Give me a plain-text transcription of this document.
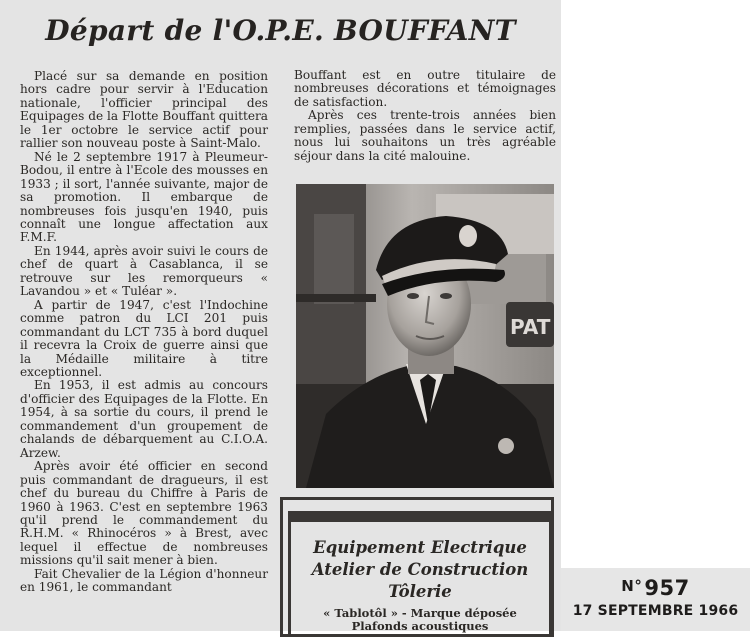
Départ de l'O.P.E. BOUFFANT

Placé sur sa demande en position hors cadre pour servir à l'Education nationale, l'officier principal des Equipages de la Flotte Bouffant quittera le 1er octobre le service actif pour rallier son nouveau poste à Saint-Malo.

Né le 2 septembre 1917 à Pleumeur-Bodou, il entre à l'Ecole des mousses en 1933 ; il sort, l'année suivante, major de sa promotion. Il embarque de nombreuses fois jusqu'en 1940, puis connaît une longue affectation aux F.M.F.

En 1944, après avoir suivi le cours de chef de quart à Casablanca, il se retrouve sur les remorqueurs « Lavandou » et « Tuléar ».

A partir de 1947, c'est l'Indochine comme patron du LCI 201 puis commandant du LCT 735 à bord duquel il recevra la Croix de guerre ainsi que la Médaille militaire à titre exceptionnel.

En 1953, il est admis au concours d'officier des Equipages de la Flotte. En 1954, à sa sortie du cours, il prend le commandement d'un groupement de chalands de débarquement au C.I.O.A. Arzew.

Après avoir été officier en second puis commandant de dragueurs, il est chef du bureau du Chiffre à Paris de 1960 à 1963. C'est en septembre 1963 qu'il prend le commandement du R.H.M. « Rhinocéros » à Brest, avec lequel il effectue de nombreuses missions qu'il sait mener à bien.

Fait Chevalier de la Légion d'honneur en 1961, le commandant

Bouffant est en outre titulaire de nombreuses décorations et témoignages de satisfaction.

Après ces trente-trois années bien remplies, passées dans le service actif, nous lui souhaitons un très agréable séjour dans la cité malouine.

PAT
Equipement Electrique
Atelier de Construction
Tôlerie
« Tablotôl » - Marque déposée
Plafonds acoustiques
N°957
17 SEPTEMBRE 1966
